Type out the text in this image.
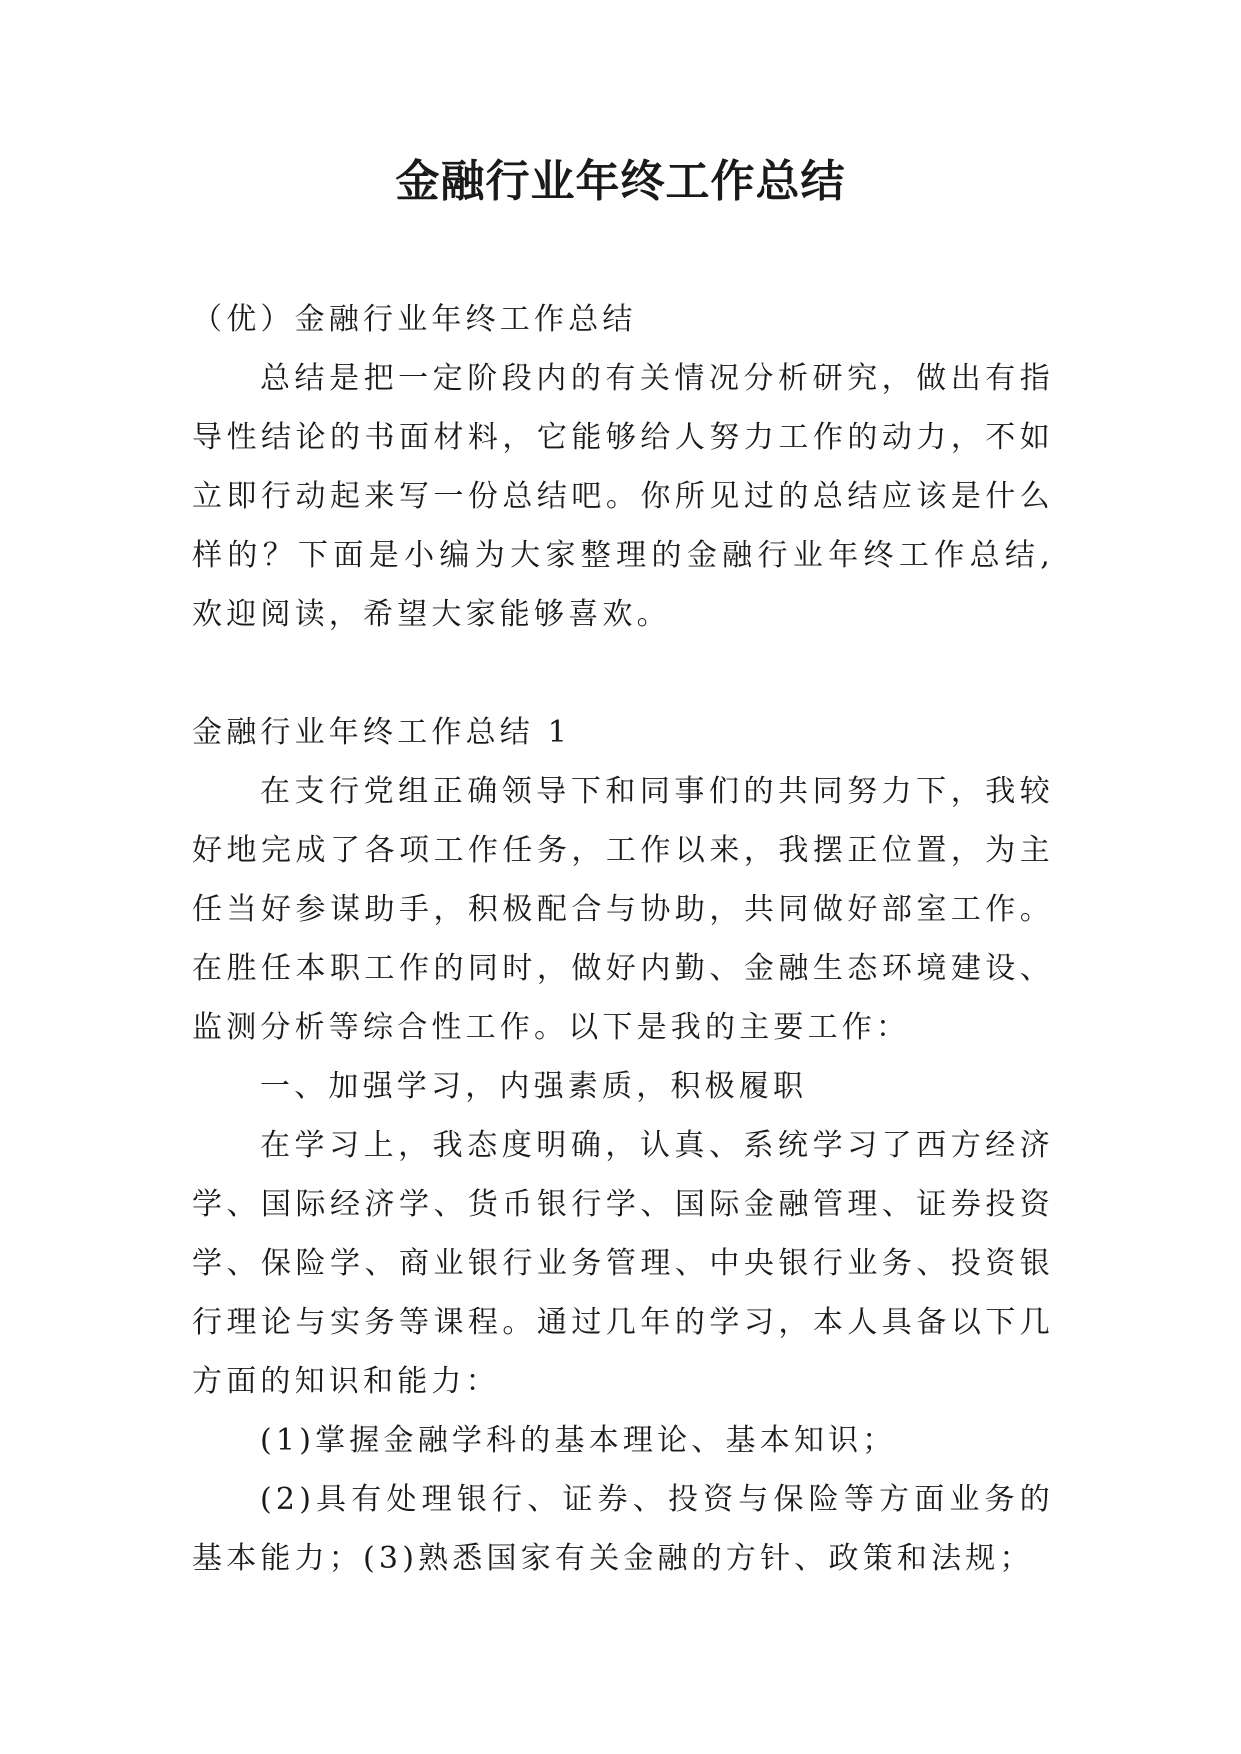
金融行业年终工作总结

（优）金融行业年终工作总结

总结是把一定阶段内的有关情况分析研究，做出有指导性结论的书面材料，它能够给人努力工作的动力，不如立即行动起来写一份总结吧。你所见过的总结应该是什么样的？下面是小编为大家整理的金融行业年终工作总结,欢迎阅读，希望大家能够喜欢。

金融行业年终工作总结 1

在支行党组正确领导下和同事们的共同努力下，我较好地完成了各项工作任务，工作以来，我摆正位置，为主任当好参谋助手，积极配合与协助，共同做好部室工作。在胜任本职工作的同时，做好内勤、金融生态环境建设、监测分析等综合性工作。以下是我的主要工作：

一、加强学习，内强素质，积极履职

在学习上，我态度明确，认真、系统学习了西方经济学、国际经济学、货币银行学、国际金融管理、证券投资学、保险学、商业银行业务管理、中央银行业务、投资银行理论与实务等课程。通过几年的学习，本人具备以下几方面的知识和能力：

(1)掌握金融学科的基本理论、基本知识；

(2)具有处理银行、证券、投资与保险等方面业务的基本能力；(3)熟悉国家有关金融的方针、政策和法规；
